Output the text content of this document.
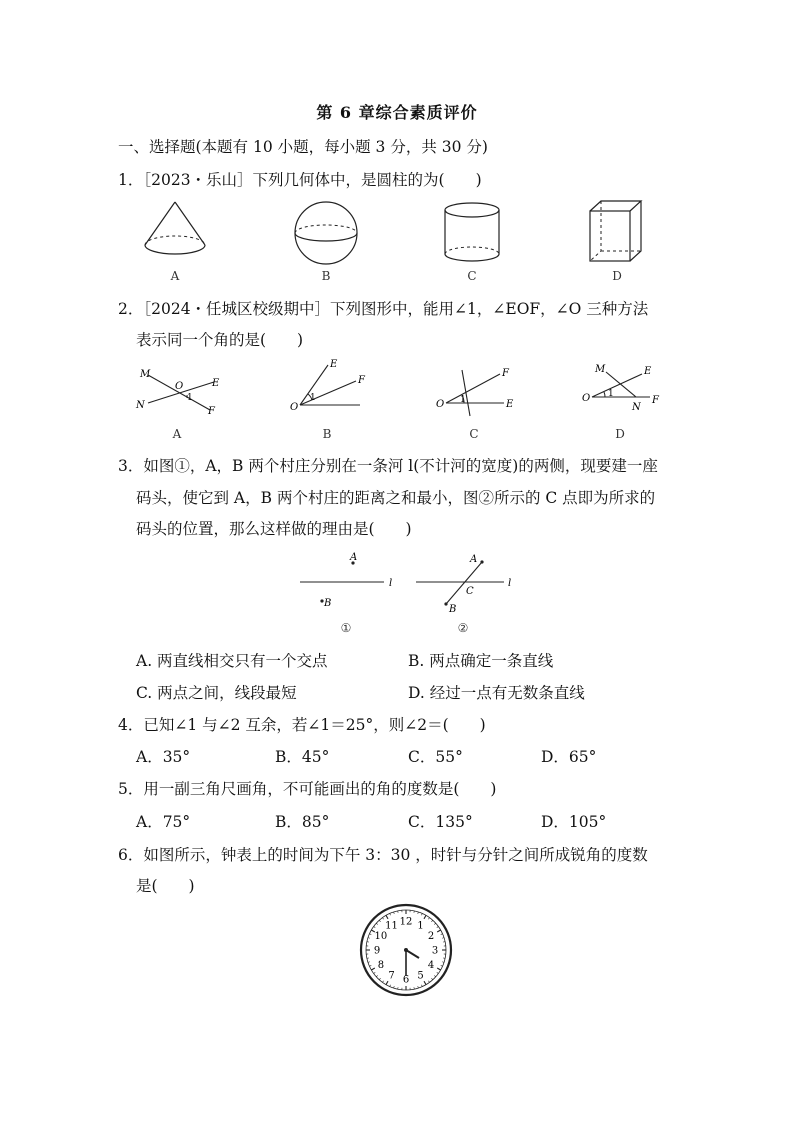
第 6 章综合素质评价
一、选择题(本题有 10 小题，每小题 3 分，共 30 分)
1．［2023・乐山］下列几何体中，是圆柱的为(　　)
A	B	C	D
2．［2024・任城区校级期中］下列图形中，能用∠1，∠EOF，∠O 三种方法
表示同一个角的是(　　)
M
N
O
1
E
F
A
O
1
E
F
B
O 1
F
E
C
O 1
M	E
N
F
D
3．如图①，A，B 两个村庄分别在一条河 l(不计河的宽度)的两侧，现要建一座
码头，使它到 A，B 两个村庄的距离之和最小，图②所示的 C 点即为所求的
码头的位置，那么这样做的理由是(　　)
A
B
l
①
A
C
B
l
②
A. 两直线相交只有一个交点	B. 两点确定一条直线
C. 两点之间，线段最短	D. 经过一点有无数条直线
4．已知∠1 与∠2 互余，若∠1＝25°，则∠2＝(　　)
A．35°	B．45°	C．55°	D．65°
5．用一副三角尺画角，不可能画出的角的度数是(　　)
A．75°	B．85°	C．135°	D．105°
6．如图所示，钟表上的时间为下午 3：30 ，时针与分针之间所成锐角的度数
是(　　)
12 1
2
3
4
5
6
7
8
9
10
11
